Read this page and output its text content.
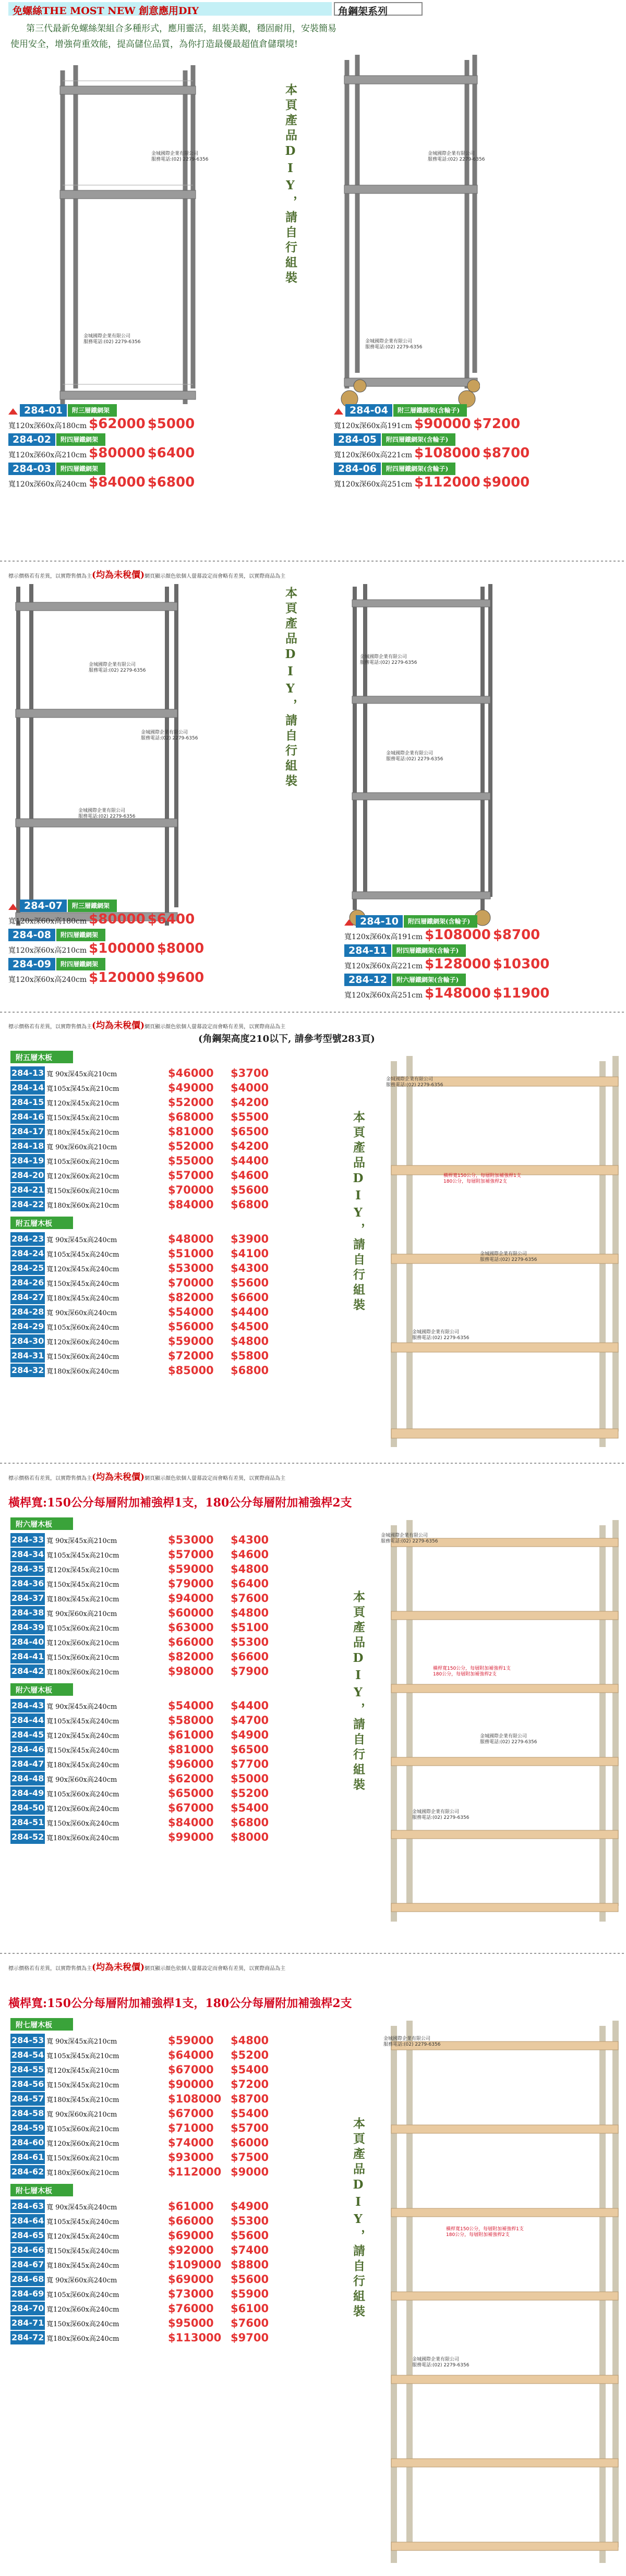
免螺絲THE MOST NEW 創意應用DIY	角鋼架系列
第三代最新免螺絲架組合多種形式，應用靈活，組裝美觀，穩固耐用，安裝簡易使用安全，增強荷重效能，提高儲位品質，為你打造最優最超值倉儲環境!
金城國際企業有限公司
服務電話:(02) 2279-6356
金城國際企業有限公司
服務電話:(02) 2279-6356
本頁產品DIY，請自行組裝	金城國際企業有限公司
服務電話:(02) 2279-6356
金城國際企業有限公司
服務電話:(02) 2279-6356
284-01 附三層鐵網架
寬120x深60x高180cm $62000 $5000
284-02 附四層鐵網架
寬120x深60x高210cm $80000 $6400
284-03 附四層鐵網架
寬120x深60x高240cm $84000 $6800
284-04 附三層鐵網架(含輪子)
寬120x深60x高191cm $90000 $7200
284-05 附四層鐵網架(含輪子)
寬120x深60x高221cm $108000 $8700
284-06 附四層鐵網架(含輪子)
寬120x深60x高251cm $112000 $9000
標示價格若有差異，以實際售價為主(均為未稅價)網頁顯示顏色依個人螢幕設定而會略有差異，以實際商品為主
金城國際企業有限公司
服務電話:(02) 2279-6356
金城國際企業有限公司
服務電話:(02) 2279-6356
金城國際企業有限公司
服務電話:(02) 2279-6356
本頁產品DIY，請自行組裝	金城國際企業有限公司
服務電話:(02) 2279-6356
金城國際企業有限公司
服務電話:(02) 2279-6356
284-07 附三層鐵網架
寬120x深60x高180cm $80000 $6400
284-08 附四層鐵網架
寬120x深60x高210cm $100000 $8000
284-09 附四層鐵網架
寬120x深60x高240cm $120000 $9600
284-10 附四層鐵網架(含輪子)
寬120x深60x高191cm $108000 $8700
284-11 附四層鐵網架(含輪子)
寬120x深60x高221cm $128000 $10300
284-12 附六層鐵網架(含輪子)
寬120x深60x高251cm $148000 $11900
標示價格若有差異，以實際售價為主(均為未稅價)網頁顯示顏色依個人螢幕設定而會略有差異，以實際商品為主
(角鋼架高度210以下, 請參考型號283頁)
附五層木板
284-13 寬 90x深45x高210cm	$46000 $3700
284-14 寬105x深45x高210cm	$49000 $4000
284-15 寬120x深45x高210cm	$52000 $4200
284-16 寬150x深45x高210cm	$68000 $5500
284-17 寬180x深45x高210cm	$81000 $6500
284-18 寬 90x深60x高210cm	$52000 $4200
284-19 寬105x深60x高210cm	$55000 $4400
284-20 寬120x深60x高210cm	$57000 $4600
284-21 寬150x深60x高210cm	$70000 $5600
284-22 寬180x深60x高210cm	$84000 $6800
附五層木板
284-23 寬 90x深45x高240cm	$48000 $3900
284-24 寬105x深45x高240cm	$51000 $4100
284-25 寬120x深45x高240cm	$53000 $4300
284-26 寬150x深45x高240cm	$70000 $5600
284-27 寬180x深45x高240cm	$82000 $6600
284-28 寬 90x深60x高240cm	$54000 $4400
284-29 寬105x深60x高240cm	$56000 $4500
284-30 寬120x深60x高240cm	$59000 $4800
284-31 寬150x深60x高240cm	$72000 $5800
284-32 寬180x深60x高240cm	$85000 $6800
本頁產品DIY，請自行組裝
金城國際企業有限公司
服務電話:(02) 2279-6356
橫桿寬150公分，每層附加補強桿1支
180公分，每層附加補強桿2支
金城國際企業有限公司
服務電話:(02) 2279-6356
金城國際企業有限公司
服務電話:(02) 2279-6356
標示價格若有差異，以實際售價為主(均為未稅價)網頁顯示顏色依個人螢幕設定而會略有差異，以實際商品為主
橫桿寬:150公分每層附加補強桿1支，180公分每層附加補強桿2支
附六層木板
284-33 寬 90x深45x高210cm	$53000 $4300
284-34 寬105x深45x高210cm	$57000 $4600
284-35 寬120x深45x高210cm	$59000 $4800
284-36 寬150x深45x高210cm	$79000 $6400
284-37 寬180x深45x高210cm	$94000 $7600
284-38 寬 90x深60x高210cm	$60000 $4800
284-39 寬105x深60x高210cm	$63000 $5100
284-40 寬120x深60x高210cm	$66000 $5300
284-41 寬150x深60x高210cm	$82000 $6600
284-42 寬180x深60x高210cm	$98000 $7900
附六層木板
284-43 寬 90x深45x高240cm	$54000 $4400
284-44 寬105x深45x高240cm	$58000 $4700
284-45 寬120x深45x高240cm	$61000 $4900
284-46 寬150x深45x高240cm	$81000 $6500
284-47 寬180x深45x高240cm	$96000 $7700
284-48 寬 90x深60x高240cm	$62000 $5000
284-49 寬105x深60x高240cm	$65000 $5200
284-50 寬120x深60x高240cm	$67000 $5400
284-51 寬150x深60x高240cm	$84000 $6800
284-52 寬180x深60x高240cm	$99000 $8000
本頁產品DIY，請自行組裝
金城國際企業有限公司
服務電話:(02) 2279-6356
橫桿寬150公分，每層附加補強桿1支
180公分，每層附加補強桿2支
金城國際企業有限公司
服務電話:(02) 2279-6356
金城國際企業有限公司
服務電話:(02) 2279-6356
標示價格若有差異，以實際售價為主(均為未稅價)網頁顯示顏色依個人螢幕設定而會略有差異，以實際商品為主
橫桿寬:150公分每層附加補強桿1支，180公分每層附加補強桿2支
附七層木板
284-53 寬 90x深45x高210cm	$59000 $4800
284-54 寬105x深45x高210cm	$64000 $5200
284-55 寬120x深45x高210cm	$67000 $5400
284-56 寬150x深45x高210cm	$90000 $7200
284-57 寬180x深45x高210cm	$108000 $8700
284-58 寬 90x深60x高210cm	$67000 $5400
284-59 寬105x深60x高210cm	$71000 $5700
284-60 寬120x深60x高210cm	$74000 $6000
284-61 寬150x深60x高210cm	$93000 $7500
284-62 寬180x深60x高210cm	$112000 $9000
附七層木板
284-63 寬 90x深45x高240cm	$61000 $4900
284-64 寬105x深45x高240cm	$66000 $5300
284-65 寬120x深45x高240cm	$69000 $5600
284-66 寬150x深45x高240cm	$92000 $7400
284-67 寬180x深45x高240cm	$109000 $8800
284-68 寬 90x深60x高240cm	$69000 $5600
284-69 寬105x深60x高240cm	$73000 $5900
284-70 寬120x深60x高240cm	$76000 $6100
284-71 寬150x深60x高240cm	$95000 $7600
284-72 寬180x深60x高240cm	$113000 $9700
本頁產品DIY，請自行組裝
金城國際企業有限公司
服務電話:(02) 2279-6356
橫桿寬150公分，每層附加補強桿1支
180公分，每層附加補強桿2支
金城國際企業有限公司
服務電話:(02) 2279-6356
